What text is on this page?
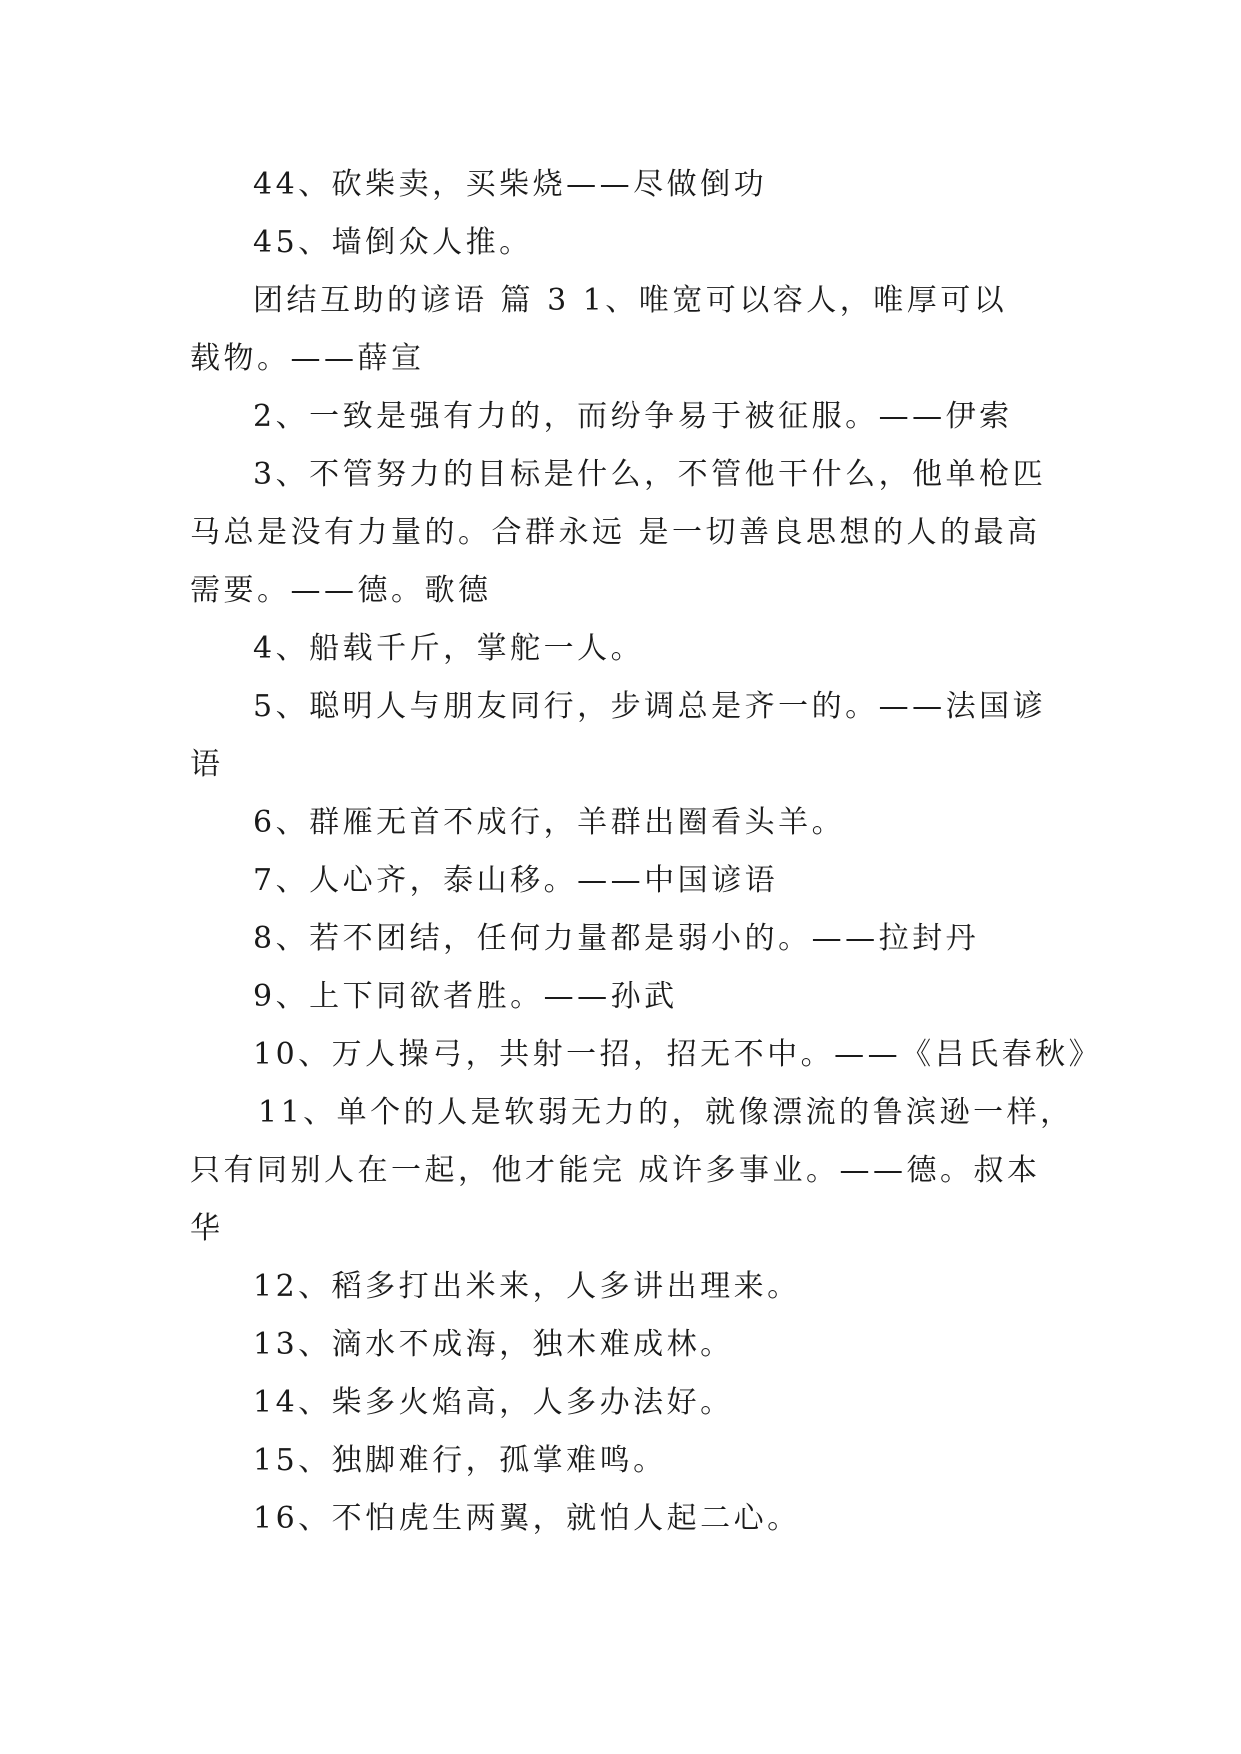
44、砍柴卖，买柴烧——尽做倒功
45、墙倒众人推。
团结互助的谚语 篇 3 1、唯宽可以容人，唯厚可以
载物。——薛宣
2、一致是强有力的，而纷争易于被征服。——伊索
3、不管努力的目标是什么，不管他干什么，他单枪匹
马总是没有力量的。合群永远 是一切善良思想的人的最高
需要。——德。歌德
4、船载千斤，掌舵一人。
5、聪明人与朋友同行，步调总是齐一的。——法国谚
语
6、群雁无首不成行，羊群出圈看头羊。
7、人心齐，泰山移。——中国谚语
8、若不团结，任何力量都是弱小的。——拉封丹
9、上下同欲者胜。——孙武
10、万人操弓，共射一招，招无不中。——《吕氏春秋》
11、单个的人是软弱无力的，就像漂流的鲁滨逊一样，
只有同别人在一起，他才能完 成许多事业。——德。叔本
华
12、稻多打出米来，人多讲出理来。
13、滴水不成海，独木难成林。
14、柴多火焰高，人多办法好。
15、独脚难行，孤掌难鸣。
16、不怕虎生两翼，就怕人起二心。
